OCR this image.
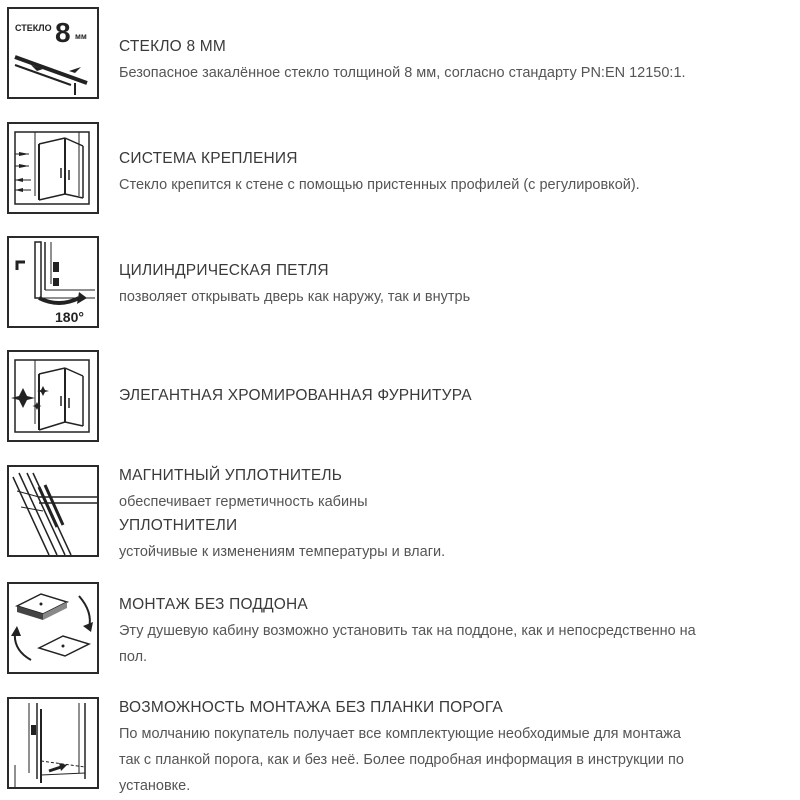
СТЕКЛО 8 мм
СТЕКЛО 8 ММ
Безопасное закалённое стекло толщиной 8 мм, согласно стандарту PN:EN 12150:1.
СИСТЕМА КРЕПЛЕНИЯ
Стекло крепится к стене с помощью пристенных профилей (с регулировкой).
180°
ЦИЛИНДРИЧЕСКАЯ ПЕТЛЯ
позволяет открывать дверь как наружу, так и внутрь
ЭЛЕГАНТНАЯ ХРОМИРОВАННАЯ ФУРНИТУРА
МАГНИТНЫЙ УПЛОТНИТЕЛЬ
обеспечивает герметичность кабины
УПЛОТНИТЕЛИ
устойчивые к изменениям температуры и влаги.
МОНТАЖ БЕЗ ПОДДОНА
Эту душевую кабину возможно установить так на поддоне, как и непосредственно на
пол.
ВОЗМОЖНОСТЬ МОНТАЖА БЕЗ ПЛАНКИ ПОРОГА
По молчанию покупатель получает все комплектующие необходимые для монтажа
так с планкой порога, как и без неё. Более подробная информация в инструкции по
установке.
